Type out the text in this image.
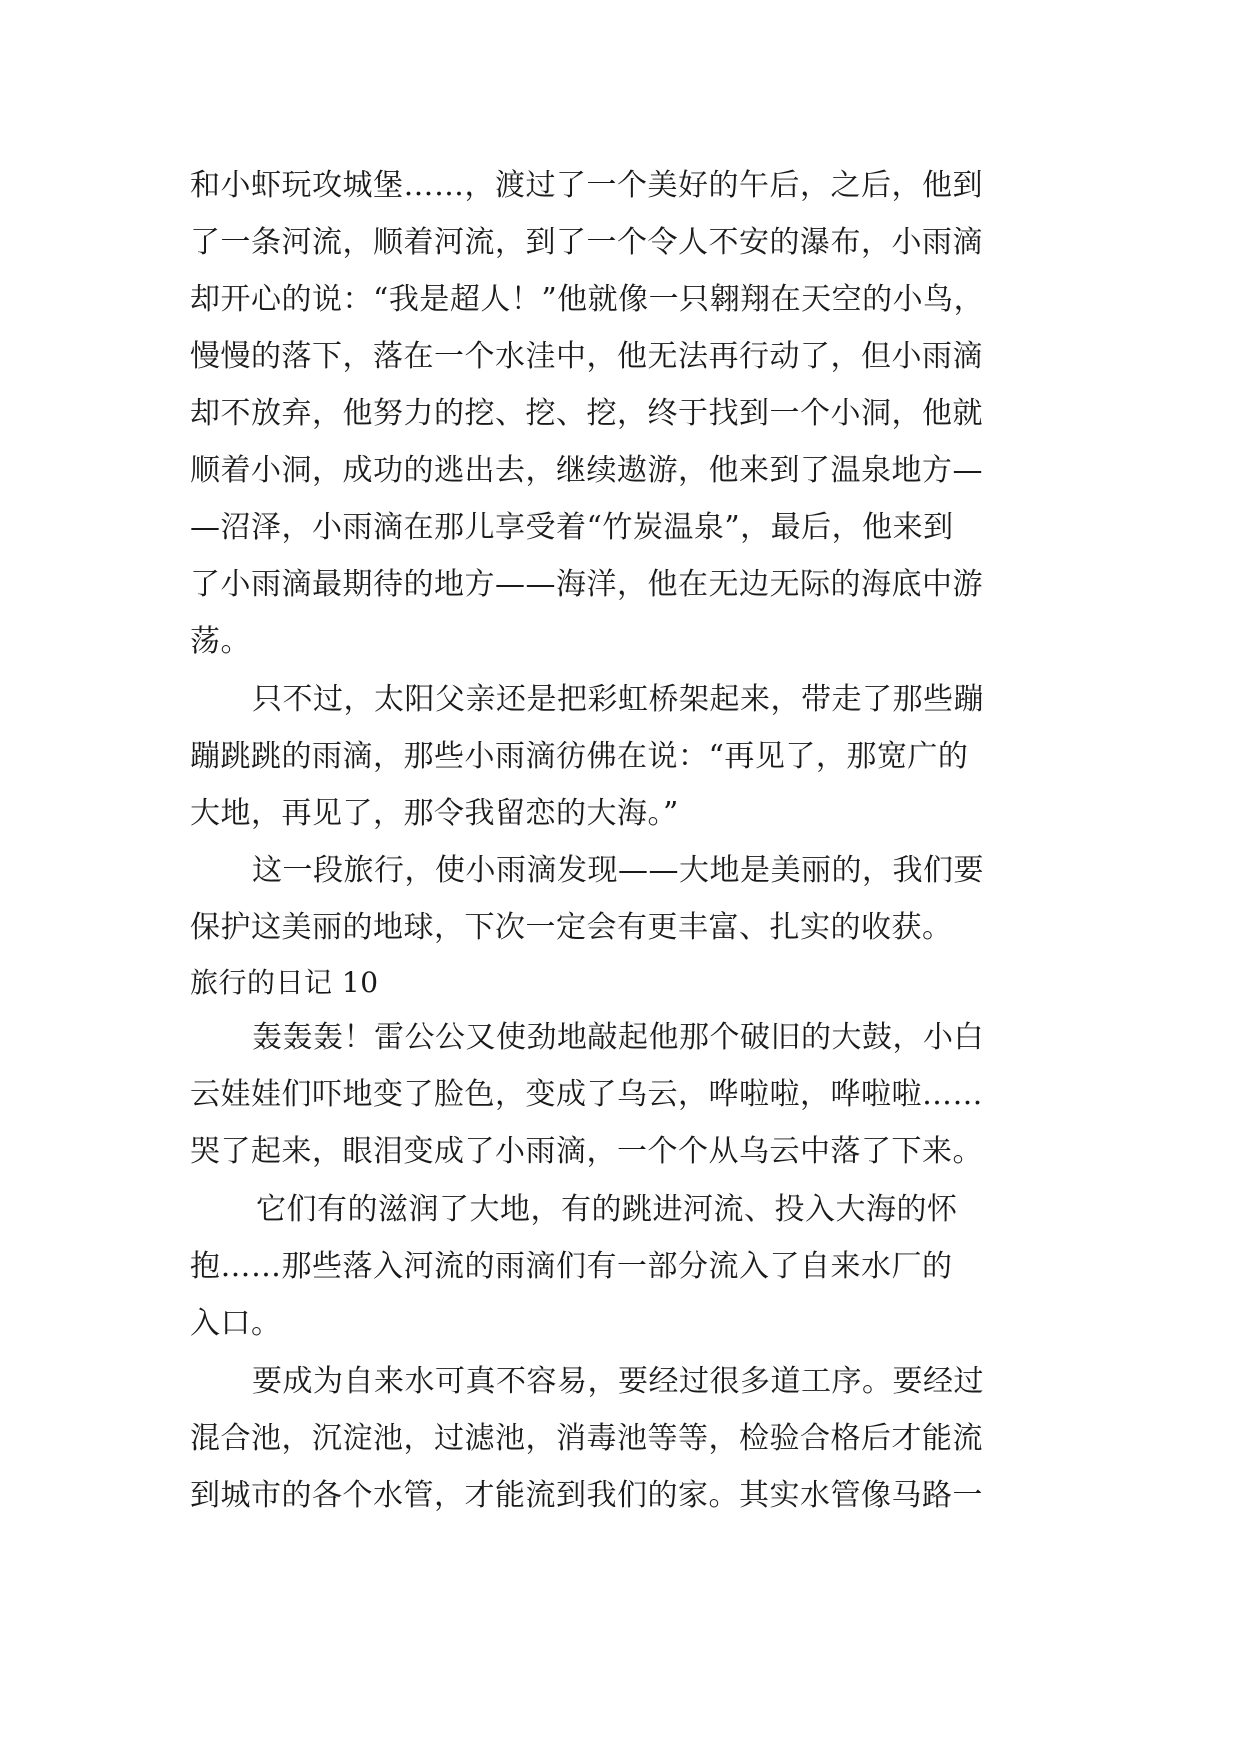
和小虾玩攻城堡……，渡过了一个美好的午后，之后，他到
了一条河流，顺着河流，到了一个令人不安的瀑布，小雨滴
却开心的说：“我是超人！”他就像一只翱翔在天空的小鸟，
慢慢的落下，落在一个水洼中，他无法再行动了，但小雨滴
却不放弃，他努力的挖、挖、挖，终于找到一个小洞，他就
顺着小洞，成功的逃出去，继续遨游，他来到了温泉地方—
—沼泽，小雨滴在那儿享受着“竹炭温泉”，最后，他来到
了小雨滴最期待的地方——海洋，他在无边无际的海底中游
荡。
只不过，太阳父亲还是把彩虹桥架起来，带走了那些蹦
蹦跳跳的雨滴，那些小雨滴彷佛在说：“再见了，那宽广的
大地，再见了，那令我留恋的大海。”
这一段旅行，使小雨滴发现——大地是美丽的，我们要
保护这美丽的地球，下次一定会有更丰富、扎实的收获。
旅行的日记 10
轰轰轰！雷公公又使劲地敲起他那个破旧的大鼓，小白
云娃娃们吓地变了脸色，变成了乌云，哗啦啦，哗啦啦……
哭了起来，眼泪变成了小雨滴，一个个从乌云中落了下来。
它们有的滋润了大地，有的跳进河流、投入大海的怀
抱……那些落入河流的雨滴们有一部分流入了自来水厂的
入口。
要成为自来水可真不容易，要经过很多道工序。要经过
混合池，沉淀池，过滤池，消毒池等等，检验合格后才能流
到城市的各个水管，才能流到我们的家。其实水管像马路一
